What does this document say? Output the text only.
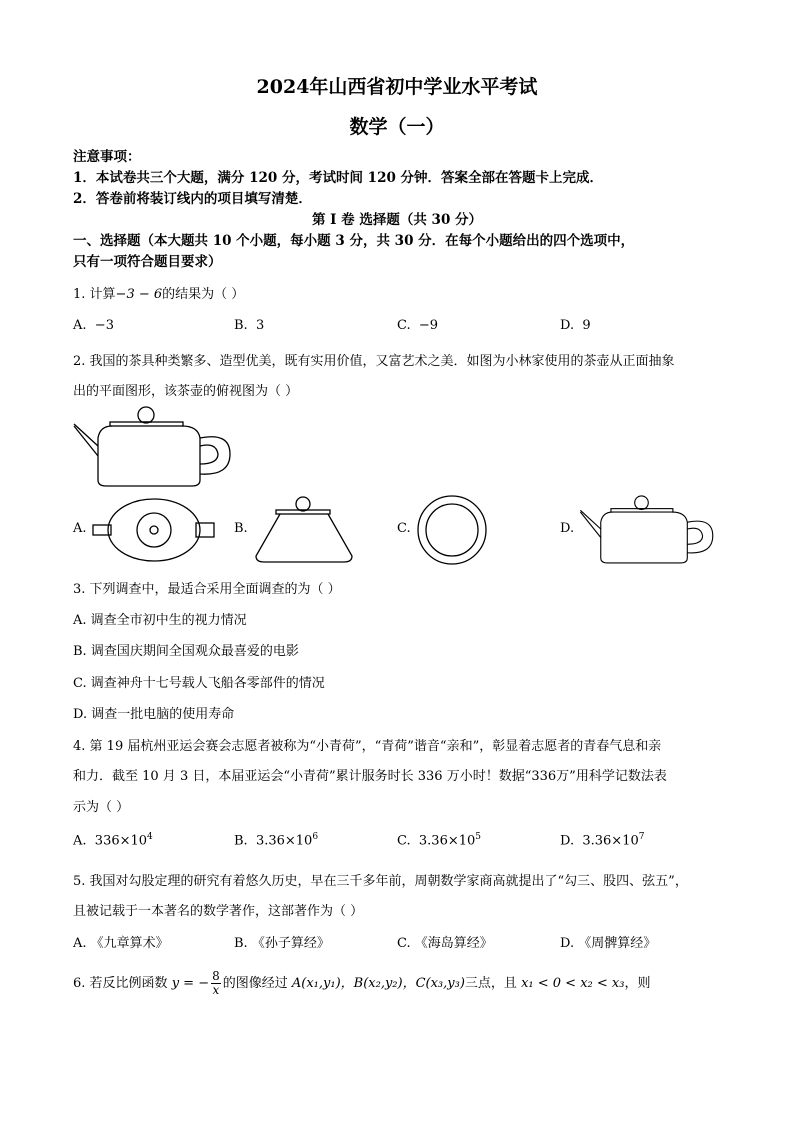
2024年山西省初中学业水平考试
数学（一）
注意事项：
1．本试卷共三个大题，满分 120 分，考试时间 120 分钟．答案全部在答题卡上完成．
2．答卷前将装订线内的项目填写清楚．
第 I 卷 选择题（共 30 分）
一、选择题（本大题共 10 个小题，每小题 3 分，共 30 分．在每个小题给出的四个选项中，
只有一项符合题目要求）
1. 计算−3 − 6的结果为（ ）
A. −3	B. 3	C. −9	D. 9
2. 我国的茶具种类繁多、造型优美，既有实用价值，又富艺术之美．如图为小林家使用的茶壶从正面抽象
出的平面图形，该茶壶的俯视图为（ ）
A.	B.	C.	D.
3. 下列调查中，最适合采用全面调查的为（ ）
A. 调查全市初中生的视力情况
B. 调查国庆期间全国观众最喜爱的电影
C. 调查神舟十七号载人飞船各零部件的情况
D. 调查一批电脑的使用寿命
4. 第 19 届杭州亚运会赛会志愿者被称为“小青荷”，“青荷”谐音“亲和”，彰显着志愿者的青春气息和亲
和力．截至 10 月 3 日，本届亚运会“小青荷”累计服务时长 336 万小时！数据“336万”用科学记数法表
示为（ ）
A. $336\times 10^4$	B. $3.36\times 10^6$	C. $3.36\times 10^5$	D. $3.36\times 10^7$
5. 我国对勾股定理的研究有着悠久历史，早在三千多年前，周朝数学家商高就提出了“勾三、股四、弦五”，
且被记载于一本著名的数学著作，这部著作为（ ）
A. 《九章算术》	B. 《孙子算经》	C. 《海岛算经》	D. 《周髀算经》
6. 若反比例函数 y = − $\frac{8}{x}$ 的图像经过 A(x₁,y₁)，B(x₂,y₂)，C(x₃,y₃)三点，且 x₁ < 0 < x₂ < x₃，则
